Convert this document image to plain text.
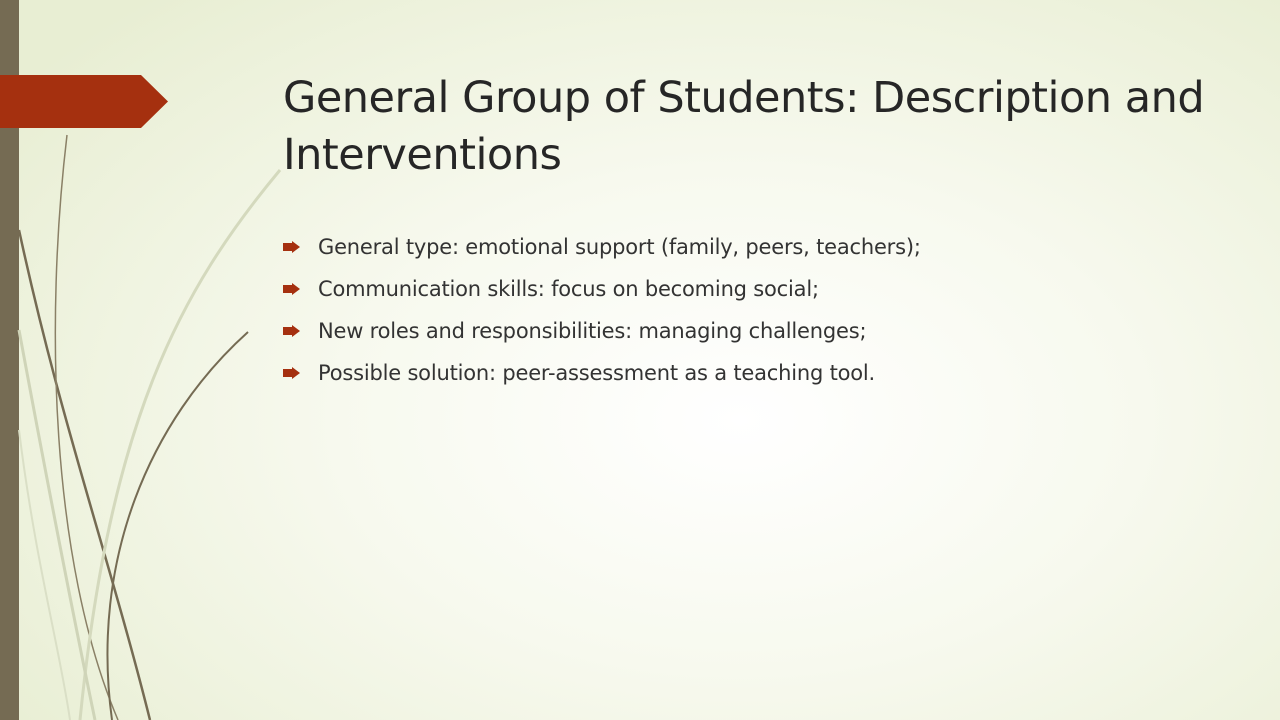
General Group of Students: Description and Interventions
General type: emotional support (family, peers, teachers);
Communication skills: focus on becoming social;
New roles and responsibilities: managing challenges;
Possible solution: peer-assessment as a teaching tool.
